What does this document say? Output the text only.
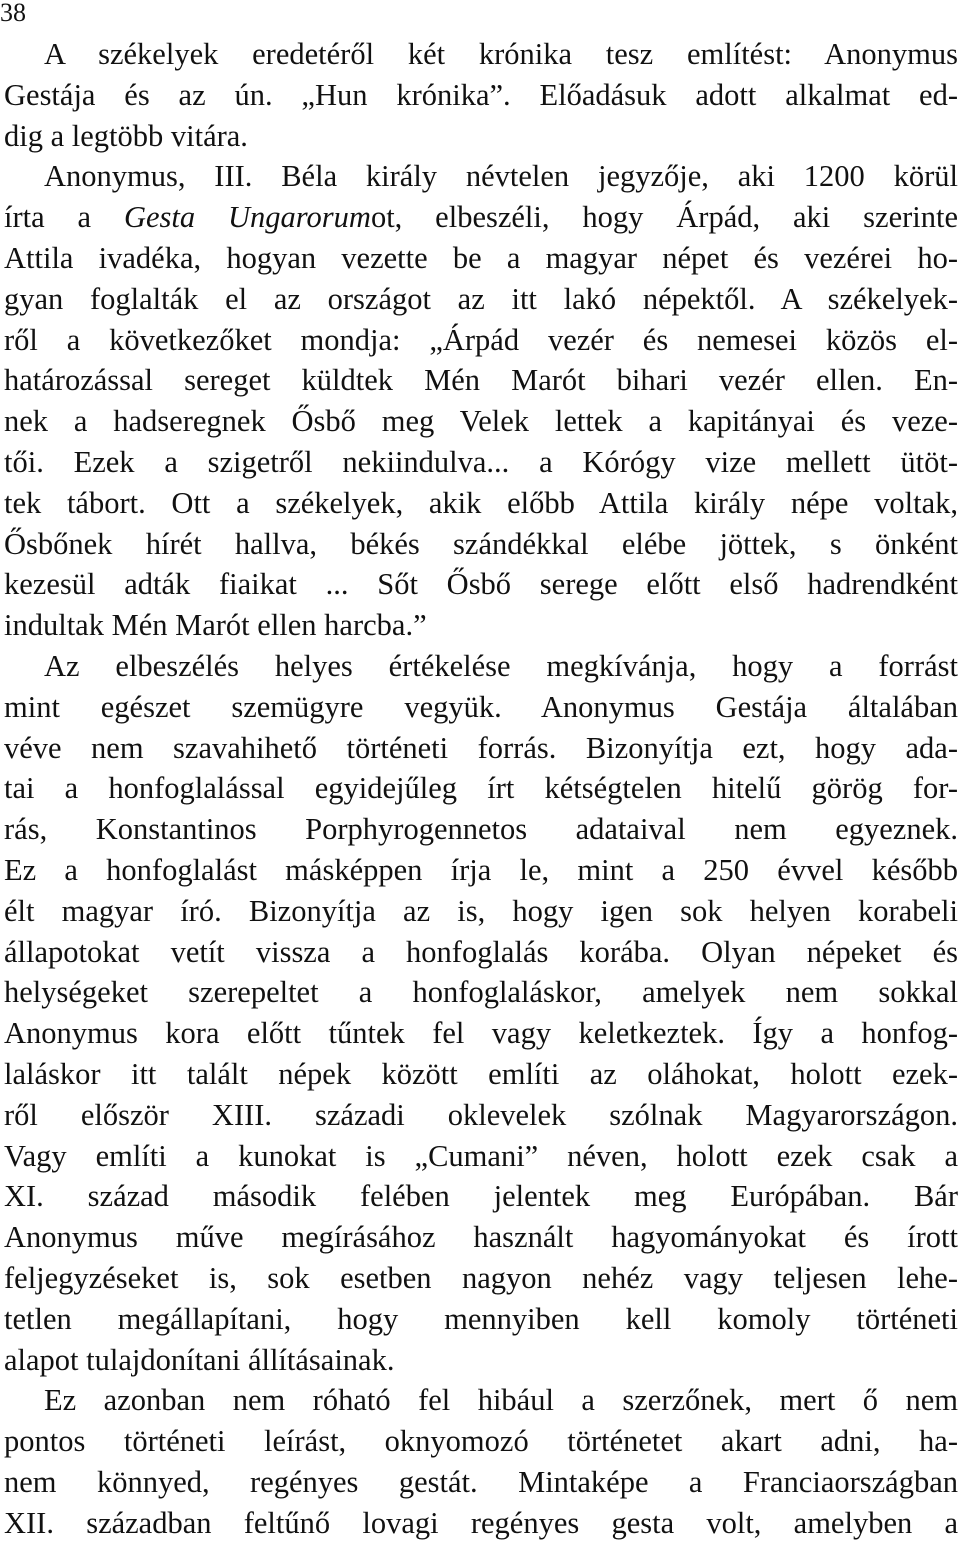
38
A székelyek eredetéről két krónika tesz említést: Anonymus
Gestája és az ún. „Hun krónika”. Előadásuk adott alkalmat ed-
dig a legtöbb vitára.
Anonymus, III. Béla király névtelen jegyzője, aki 1200 körül
írta a Gesta Ungarorumot, elbeszéli, hogy Árpád, aki szerinte
Attila ivadéka, hogyan vezette be a magyar népet és vezérei ho-
gyan foglalták el az országot az itt lakó népektől. A székelyek-
ről a következőket mondja: „Árpád vezér és nemesei közös el-
határozással sereget küldtek Mén Marót bihari vezér ellen. En-
nek a hadseregnek Ősbő meg Velek lettek a kapitányai és veze-
tői. Ezek a szigetről nekiindulva... a Kórógy vize mellett ütöt-
tek tábort. Ott a székelyek, akik előbb Attila király népe voltak,
Ősbőnek hírét hallva, békés szándékkal elébe jöttek, s önként
kezesül adták fiaikat ... Sőt Ősbő serege előtt első hadrendként
indultak Mén Marót ellen harcba.”
Az elbeszélés helyes értékelése megkívánja, hogy a forrást
mint egészet szemügyre vegyük. Anonymus Gestája általában
véve nem szavahihető történeti forrás. Bizonyítja ezt, hogy ada-
tai a honfoglalással egyidejűleg írt kétségtelen hitelű görög for-
rás, Konstantinos Porphyrogennetos adataival nem egyeznek.
Ez a honfoglalást másképpen írja le, mint a 250 évvel később
élt magyar író. Bizonyítja az is, hogy igen sok helyen korabeli
állapotokat vetít vissza a honfoglalás korába. Olyan népeket és
helységeket szerepeltet a honfoglaláskor, amelyek nem sokkal
Anonymus kora előtt tűntek fel vagy keletkeztek. Így a honfog-
laláskor itt talált népek között említi az oláhokat, holott ezek-
ről először XIII. századi oklevelek szólnak Magyarországon.
Vagy említi a kunokat is „Cumani” néven, holott ezek csak a
XI. század második felében jelentek meg Európában. Bár
Anonymus műve megírásához használt hagyományokat és írott
feljegyzéseket is, sok esetben nagyon nehéz vagy teljesen lehe-
tetlen megállapítani, hogy mennyiben kell komoly történeti
alapot tulajdonítani állításainak.
Ez azonban nem róható fel hibául a szerzőnek, mert ő nem
pontos történeti leírást, oknyomozó történetet akart adni, ha-
nem könnyed, regényes gestát. Mintaképe a Franciaországban
XII. században feltűnő lovagi regényes gesta volt, amelyben a
